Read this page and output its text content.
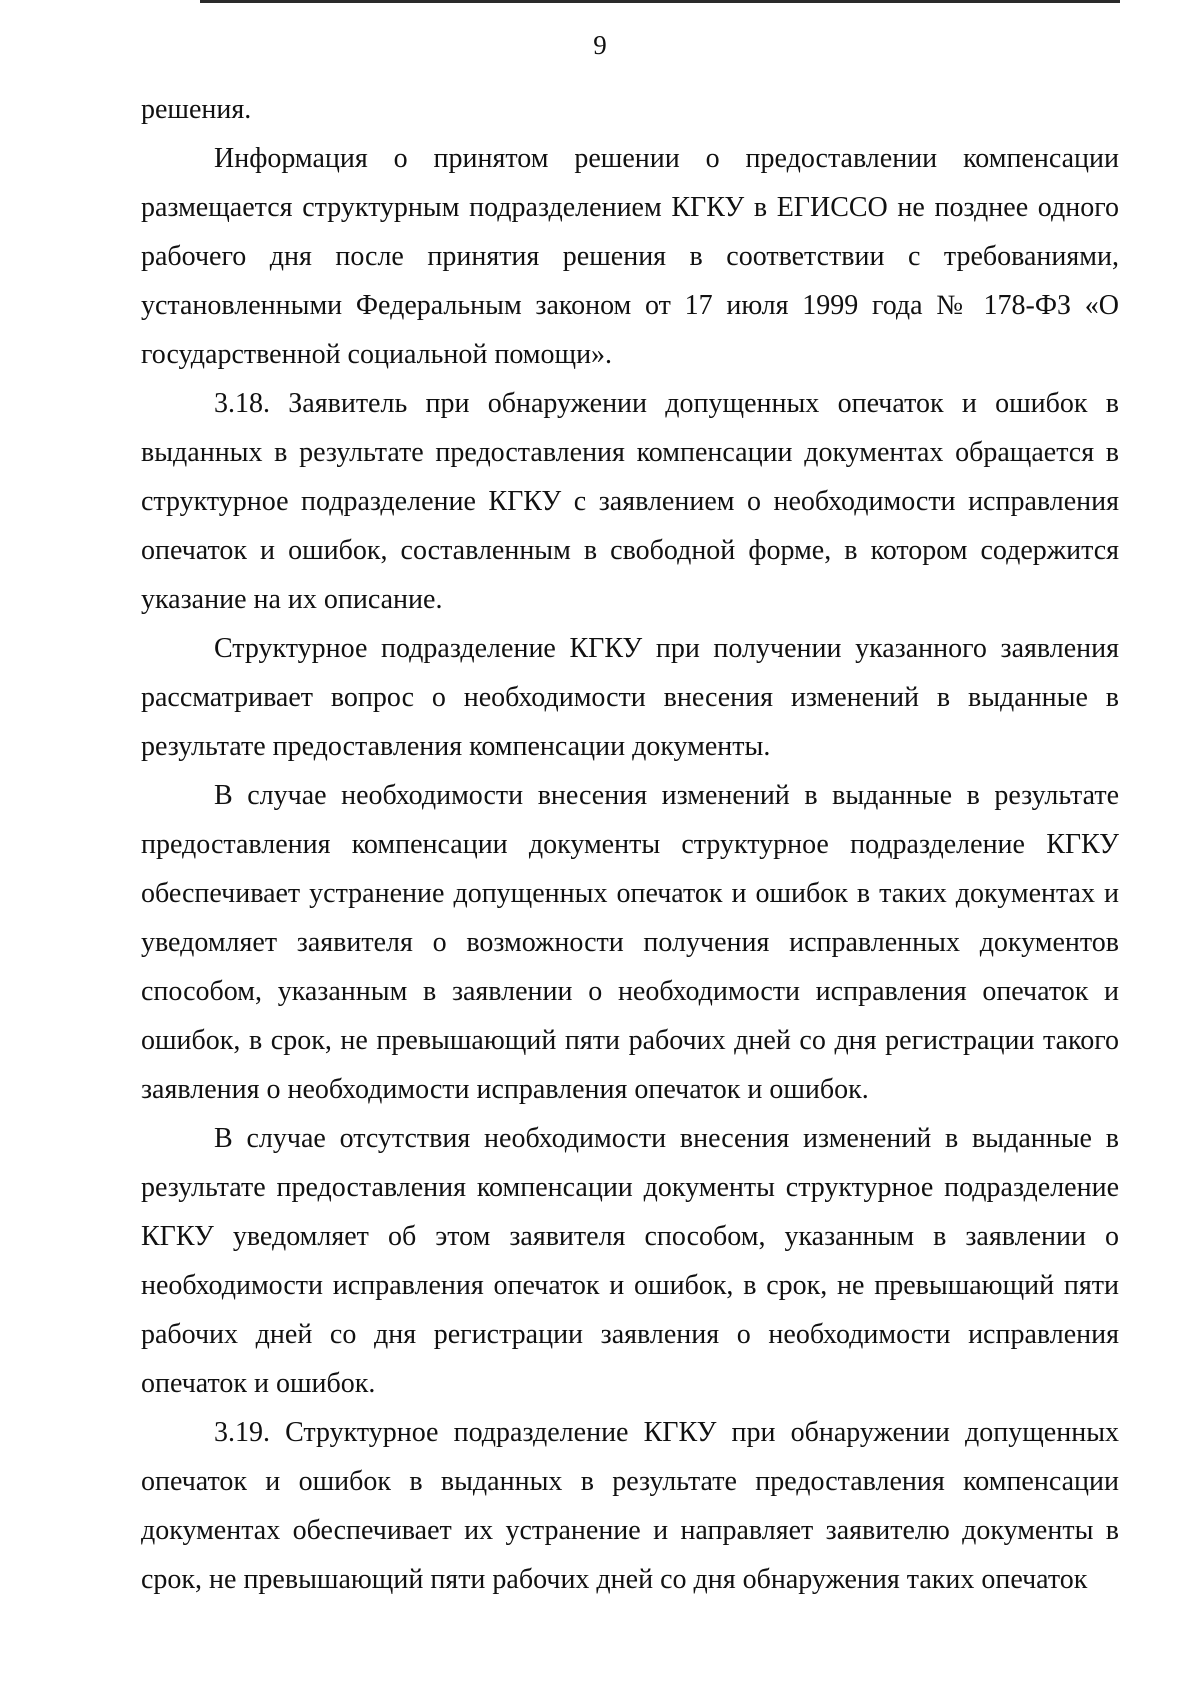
9

решения.

Информация о принятом решении о предоставлении компенсации размещается структурным подразделением КГКУ в ЕГИССО не позднее одного рабочего дня после принятия решения в соответствии с требованиями, установленными Федеральным законом от 17 июля 1999 года № 178-ФЗ «О государственной социальной помощи».

3.18. Заявитель при обнаружении допущенных опечаток и ошибок в выданных в результате предоставления компенсации документах обращается в структурное подразделение КГКУ с заявлением о необходимости исправления опечаток и ошибок, составленным в свободной форме, в котором содержится указание на их описание.

Структурное подразделение КГКУ при получении указанного заявления рассматривает вопрос о необходимости внесения изменений в выданные в результате предоставления компенсации документы.

В случае необходимости внесения изменений в выданные в результате предоставления компенсации документы структурное подразделение КГКУ обеспечивает устранение допущенных опечаток и ошибок в таких документах и уведомляет заявителя о возможности получения исправленных документов способом, указанным в заявлении о необходимости исправления опечаток и ошибок, в срок, не превышающий пяти рабочих дней со дня регистрации такого заявления о необходимости исправления опечаток и ошибок.

В случае отсутствия необходимости внесения изменений в выданные в результате предоставления компенсации документы структурное подразделение КГКУ уведомляет об этом заявителя способом, указанным в заявлении о необходимости исправления опечаток и ошибок, в срок, не превышающий пяти рабочих дней со дня регистрации заявления о необходимости исправления опечаток и ошибок.

3.19. Структурное подразделение КГКУ при обнаружении допущенных опечаток и ошибок в выданных в результате предоставления компенсации документах обеспечивает их устранение и направляет заявителю документы в срок, не превышающий пяти рабочих дней со дня обнаружения таких опечаток
